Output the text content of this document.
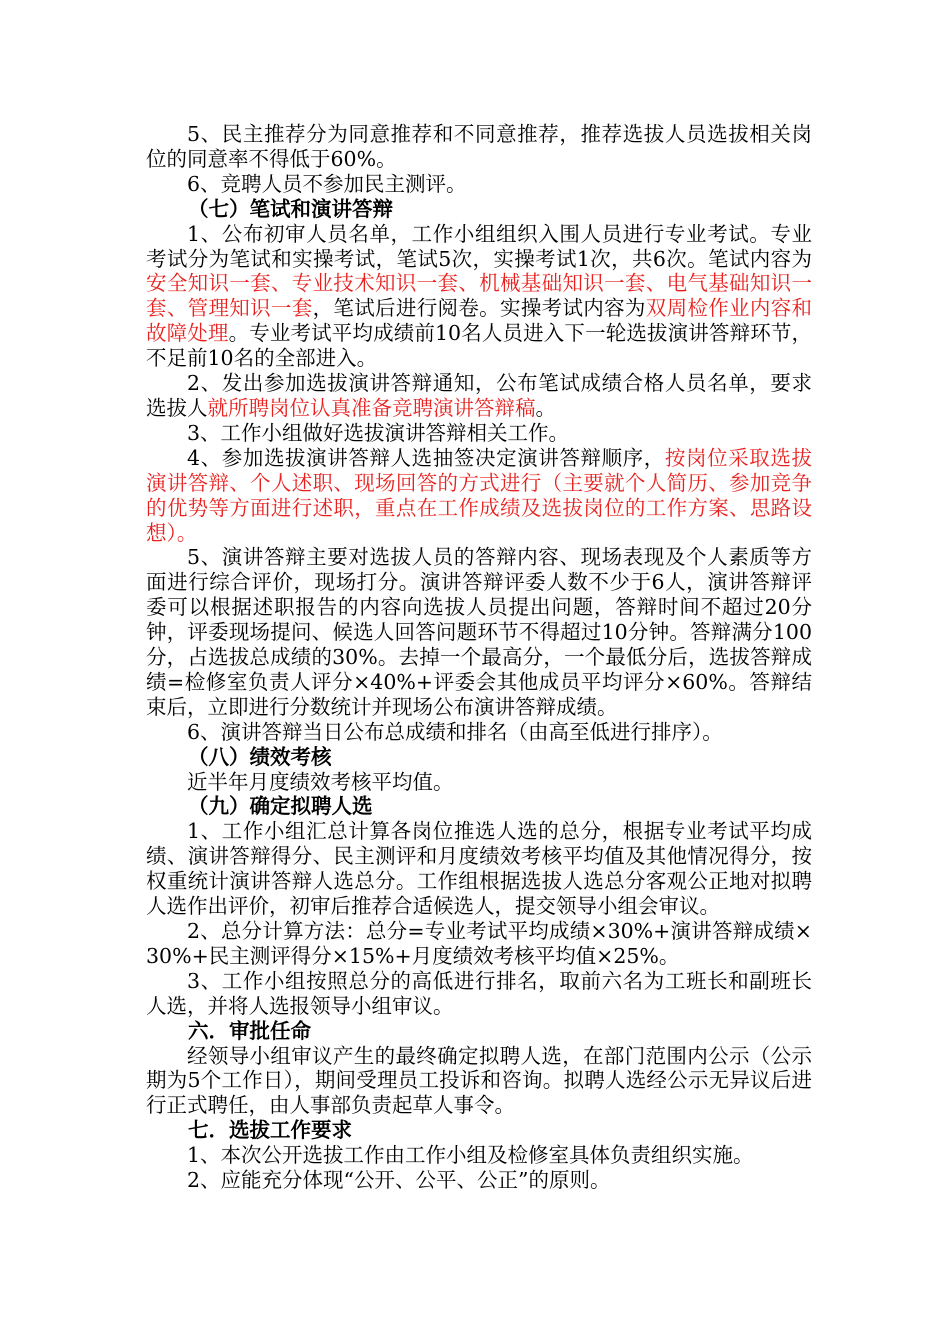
5、民主推荐分为同意推荐和不同意推荐，推荐选拔人员选拔相关岗位的同意率不得低于60%。

6、竞聘人员不参加民主测评。

（七）笔试和演讲答辩

1、公布初审人员名单，工作小组组织入围人员进行专业考试。专业考试分为笔试和实操考试，笔试5次，实操考试1次，共6次。笔试内容为安全知识一套、专业技术知识一套、机械基础知识一套、电气基础知识一套、管理知识一套，笔试后进行阅卷。实操考试内容为双周检作业内容和故障处理。专业考试平均成绩前10名人员进入下一轮选拔演讲答辩环节，不足前10名的全部进入。

2、发出参加选拔演讲答辩通知，公布笔试成绩合格人员名单，要求选拔人就所聘岗位认真准备竞聘演讲答辩稿。

3、工作小组做好选拔演讲答辩相关工作。

4、参加选拔演讲答辩人选抽签决定演讲答辩顺序，按岗位采取选拔演讲答辩、个人述职、现场回答的方式进行（主要就个人简历、参加竞争的优势等方面进行述职，重点在工作成绩及选拔岗位的工作方案、思路设想）。

5、演讲答辩主要对选拔人员的答辩内容、现场表现及个人素质等方面进行综合评价，现场打分。演讲答辩评委人数不少于6人，演讲答辩评委可以根据述职报告的内容向选拔人员提出问题，答辩时间不超过20分钟，评委现场提问、候选人回答问题环节不得超过10分钟。答辩满分100分，占选拔总成绩的30%。去掉一个最高分，一个最低分后，选拔答辩成绩=检修室负责人评分×40%+评委会其他成员平均评分×60%。答辩结束后，立即进行分数统计并现场公布演讲答辩成绩。

6、演讲答辩当日公布总成绩和排名（由高至低进行排序）。

（八）绩效考核

近半年月度绩效考核平均值。

（九）确定拟聘人选

1、工作小组汇总计算各岗位推选人选的总分，根据专业考试平均成绩、演讲答辩得分、民主测评和月度绩效考核平均值及其他情况得分，按权重统计演讲答辩人选总分。工作组根据选拔人选总分客观公正地对拟聘人选作出评价，初审后推荐合适候选人，提交领导小组会审议。

2、总分计算方法：总分=专业考试平均成绩×30%+演讲答辩成绩×30%+民主测评得分×15%+月度绩效考核平均值×25%。

3、工作小组按照总分的高低进行排名，取前六名为工班长和副班长人选，并将人选报领导小组审议。

六．审批任命

经领导小组审议产生的最终确定拟聘人选，在部门范围内公示（公示期为5个工作日），期间受理员工投诉和咨询。拟聘人选经公示无异议后进行正式聘任，由人事部负责起草人事令。

七．选拔工作要求

1、本次公开选拔工作由工作小组及检修室具体负责组织实施。

2、应能充分体现“公开、公平、公正”的原则。
